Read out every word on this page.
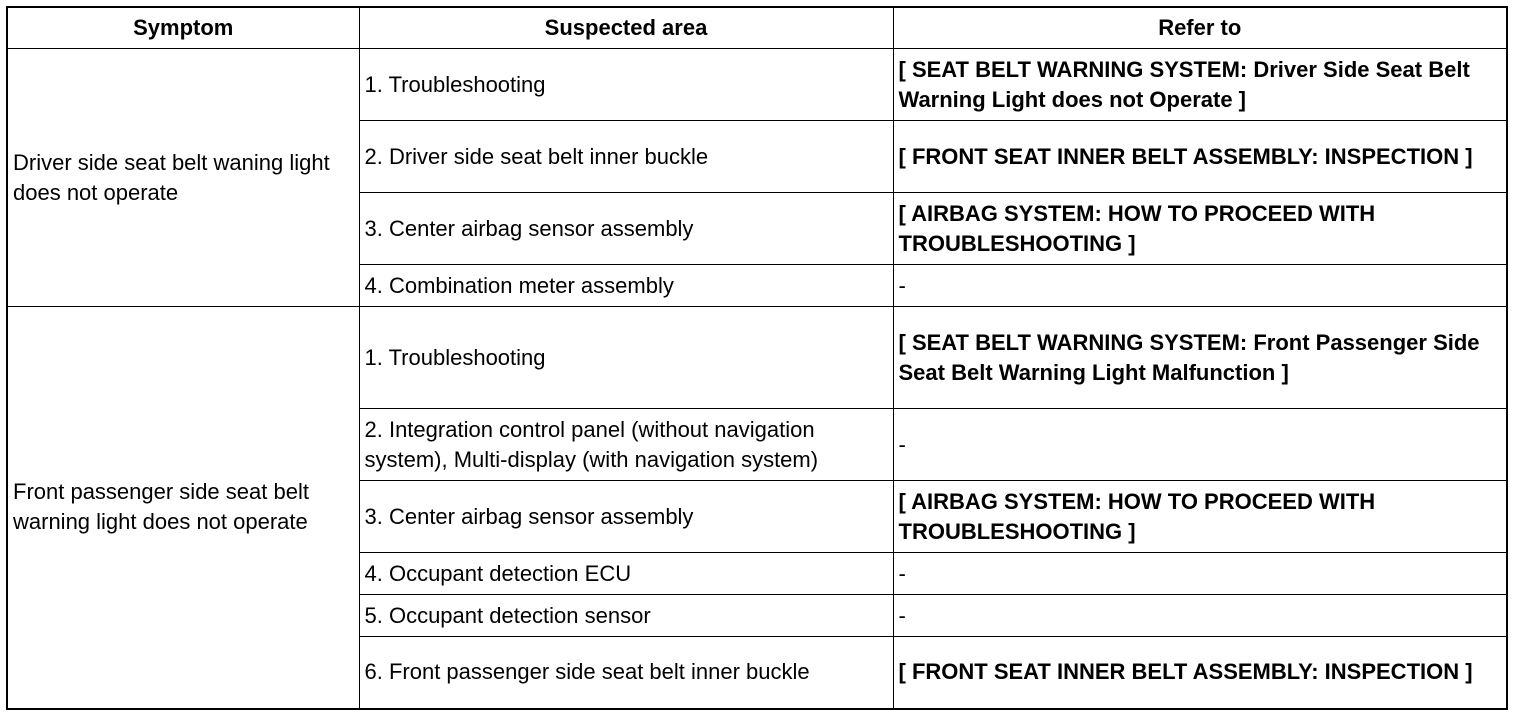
Symptom	Suspected area	Refer to
Driver side seat belt waning light does not operate	1. Troubleshooting	[ SEAT BELT WARNING SYSTEM: Driver Side Seat Belt Warning Light does not Operate ]
	2. Driver side seat belt inner buckle	[ FRONT SEAT INNER BELT ASSEMBLY: INSPECTION ]
	3. Center airbag sensor assembly	[ AIRBAG SYSTEM: HOW TO PROCEED WITH TROUBLESHOOTING ]
	4. Combination meter assembly	-
Front passenger side seat belt warning light does not operate	1. Troubleshooting	[ SEAT BELT WARNING SYSTEM: Front Passenger Side Seat Belt Warning Light Malfunction ]
	2. Integration control panel (without navigation system), Multi-display (with navigation system)	-
	3. Center airbag sensor assembly	[ AIRBAG SYSTEM: HOW TO PROCEED WITH TROUBLESHOOTING ]
	4. Occupant detection ECU	-
	5. Occupant detection sensor	-
	6. Front passenger side seat belt inner buckle	[ FRONT SEAT INNER BELT ASSEMBLY: INSPECTION ]
